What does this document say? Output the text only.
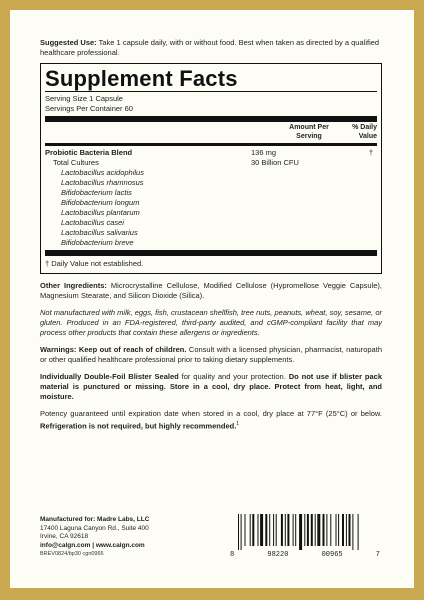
Suggested Use: Take 1 capsule daily, with or without food. Best when taken as directed by a qualified healthcare professional.

Supplement Facts
Serving Size 1 Capsule
Servings Per Container 60
Amount Per Serving
% Daily Value
Probiotic Bacteria Blend	136 mg	†
Total Cultures	30 Billion CFU
Lactobacillus acidophilus
Lactobacillus rhamnosus
Bifidobacterium lactis
Bifidobacterium longum
Lactobacillus plantarum
Lactobacillus casei
Lactobacillus salivarius
Bifidobacterium breve
† Daily Value not established.

Other Ingredients: Microcrystalline Cellulose, Modified Cellulose (Hypromellose Veggie Capsule), Magnesium Stearate, and Silicon Dioxide (Silica).

Not manufactured with milk, eggs, fish, crustacean shellfish, tree nuts, peanuts, wheat, soy, sesame, or gluten. Produced in an FDA-registered, third-party audited, and cGMP-compliant facility that may process other products that contain these allergens or ingredients.

Warnings: Keep out of reach of children. Consult with a licensed physician, pharmacist, naturopath or other qualified healthcare professional prior to taking dietary supplements.

Individually Double-Foil Blister Sealed for quality and your protection. Do not use if blister pack material is punctured or missing. Store in a cool, dry place. Protect from heat, light, and moisture.

Potency guaranteed until expiration date when stored in a cool, dry place at 77°F (25°C) or below. Refrigeration is not required, but highly recommended.$^1$

Manufactured for: Madre Labs, LLC
17400 Laguna Canyon Rd., Suite 400
Irvine, CA 92618
info@calgn.com | www.calgn.com
BREV0824/bp30 cgn0965	8	98220	00965	7
